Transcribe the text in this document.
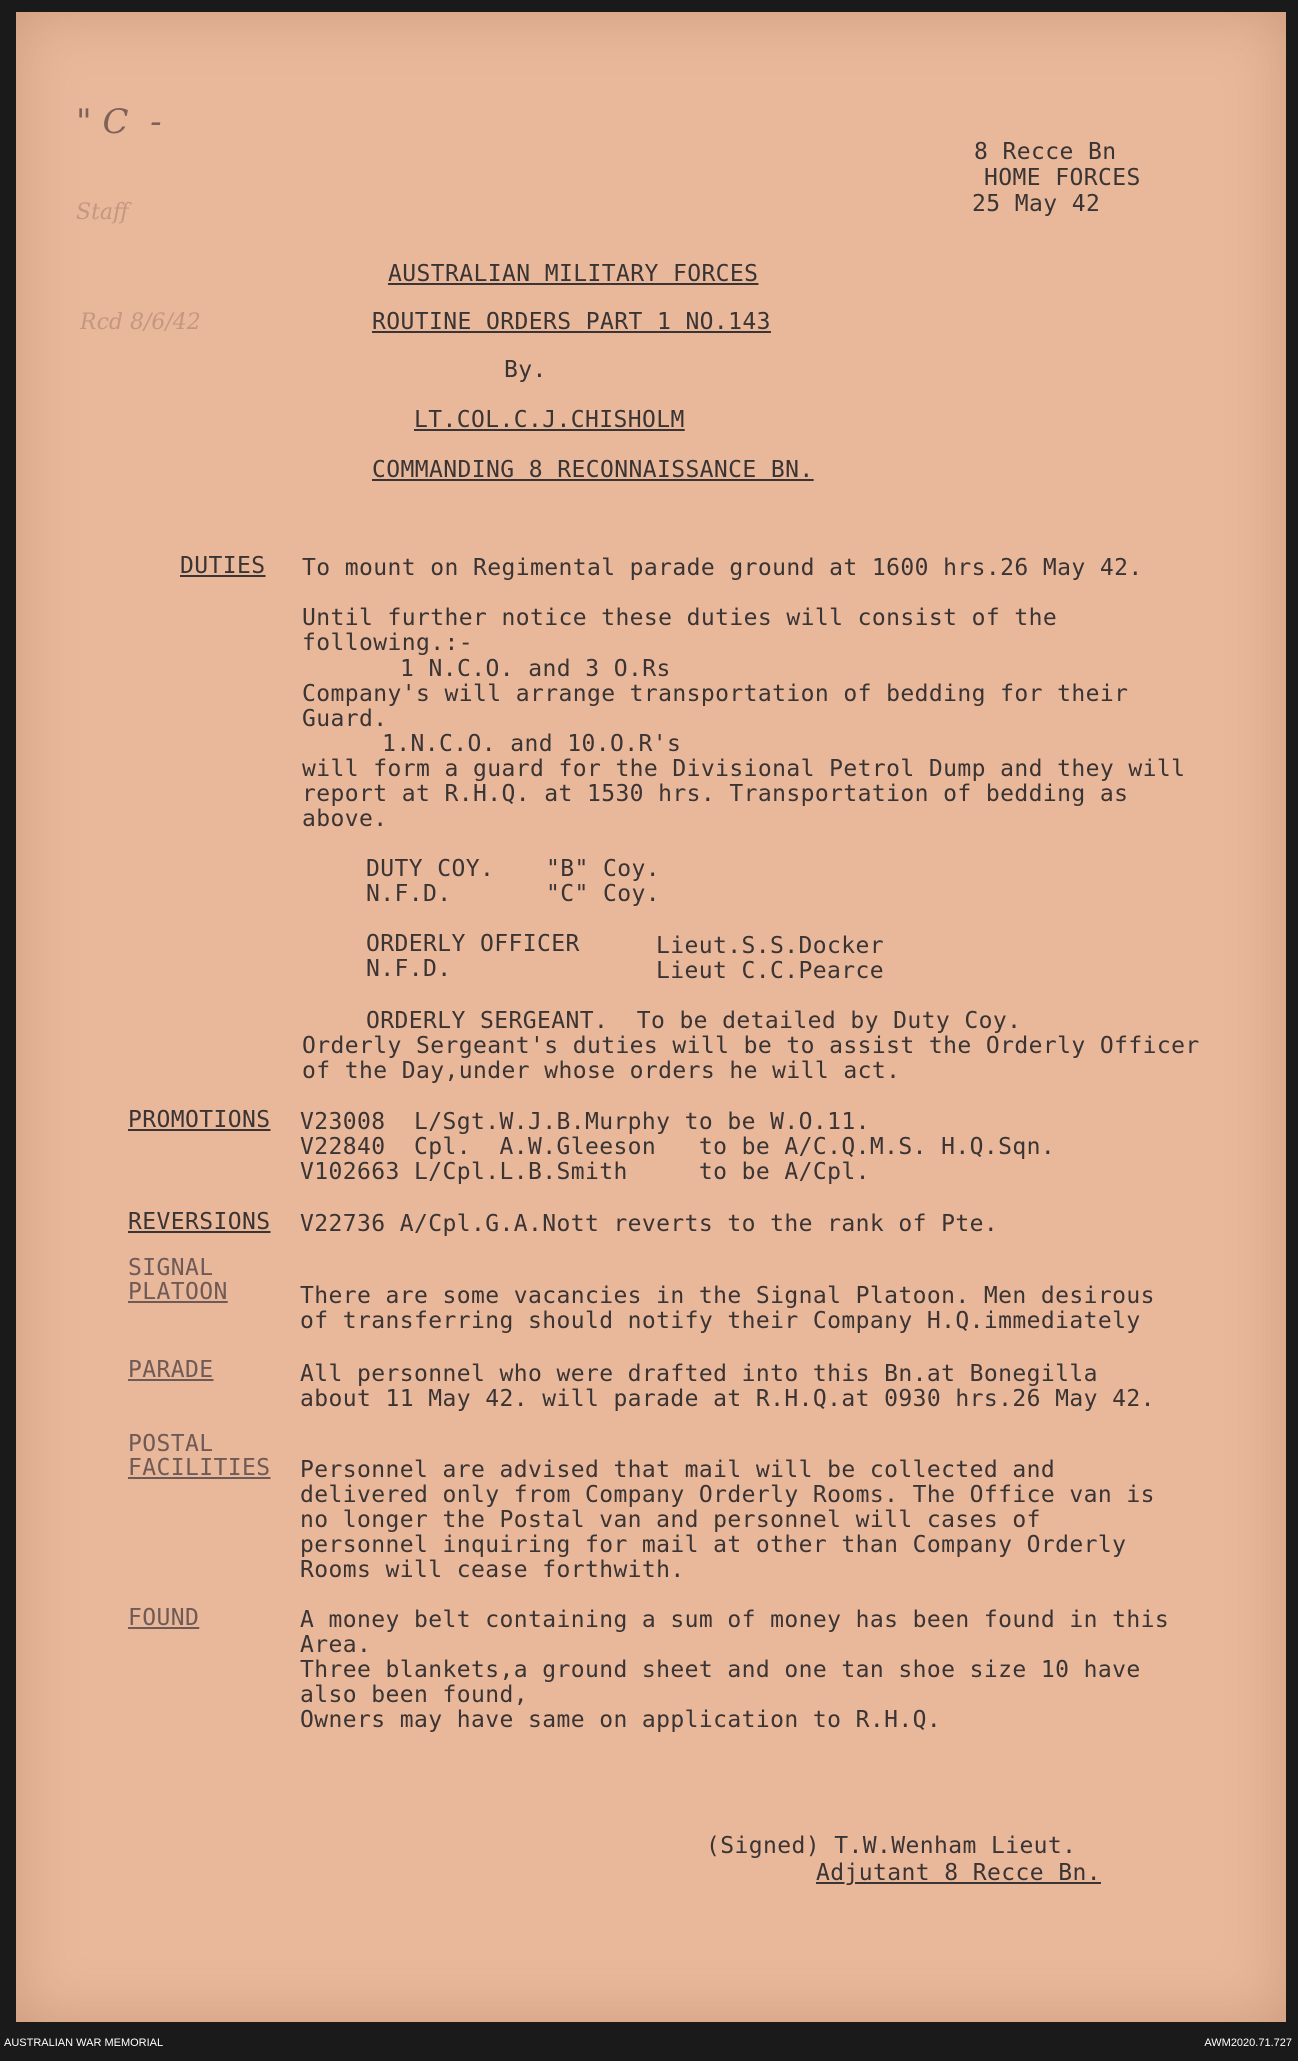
" C  -
Staff
Rcd 8/6/42
8 Recce Bn
HOME FORCES
25 May 42
AUSTRALIAN MILITARY FORCES
ROUTINE ORDERS PART 1 NO.143
By.
LT.COL.C.J.CHISHOLM
COMMANDING 8 RECONNAISSANCE BN.
DUTIES To mount on Regimental parade ground at 1600 hrs.26 May 42.
Until further notice these duties will consist of the
following.:-
1 N.C.O. and 3 O.Rs
Company's will arrange transportation of bedding for their
Guard.
1.N.C.O. and 10.O.R's
will form a guard for the Divisional Petrol Dump and they will
report at R.H.Q. at 1530 hrs. Transportation of bedding as
above.
DUTY COY. "B" Coy.
N.F.D.	"C" Coy.
ORDERLY OFFICER	Lieut.S.S.Docker
N.F.D.	Lieut C.C.Pearce
ORDERLY SERGEANT.  To be detailed by Duty Coy.
Orderly Sergeant's duties will be to assist the Orderly Officer
of the Day,under whose orders he will act.
PROMOTIONS V23008  L/Sgt.W.J.B.Murphy to be W.O.11.
V22840  Cpl.  A.W.Gleeson   to be A/C.Q.M.S. H.Q.Sqn.
V102663 L/Cpl.L.B.Smith     to be A/Cpl.
REVERSIONS V22736 A/Cpl.G.A.Nott reverts to the rank of Pte.
SIGNAL
PLATOON	There are some vacancies in the Signal Platoon. Men desirous
of transferring should notify their Company H.Q.immediately
PARADE	All personnel who were drafted into this Bn.at Bonegilla
about 11 May 42. will parade at R.H.Q.at 0930 hrs.26 May 42.
POSTAL
FACILITIES Personnel are advised that mail will be collected and
delivered only from Company Orderly Rooms. The Office van is
no longer the Postal van and personnel will cases of
personnel inquiring for mail at other than Company Orderly
Rooms will cease forthwith.
FOUND	A money belt containing a sum of money has been found in this
Area.
Three blankets,a ground sheet and one tan shoe size 10 have
also been found,
Owners may have same on application to R.H.Q.
(Signed) T.W.Wenham Lieut.
Adjutant 8 Recce Bn.
AUSTRALIAN WAR MEMORIAL	AWM2020.71.727
